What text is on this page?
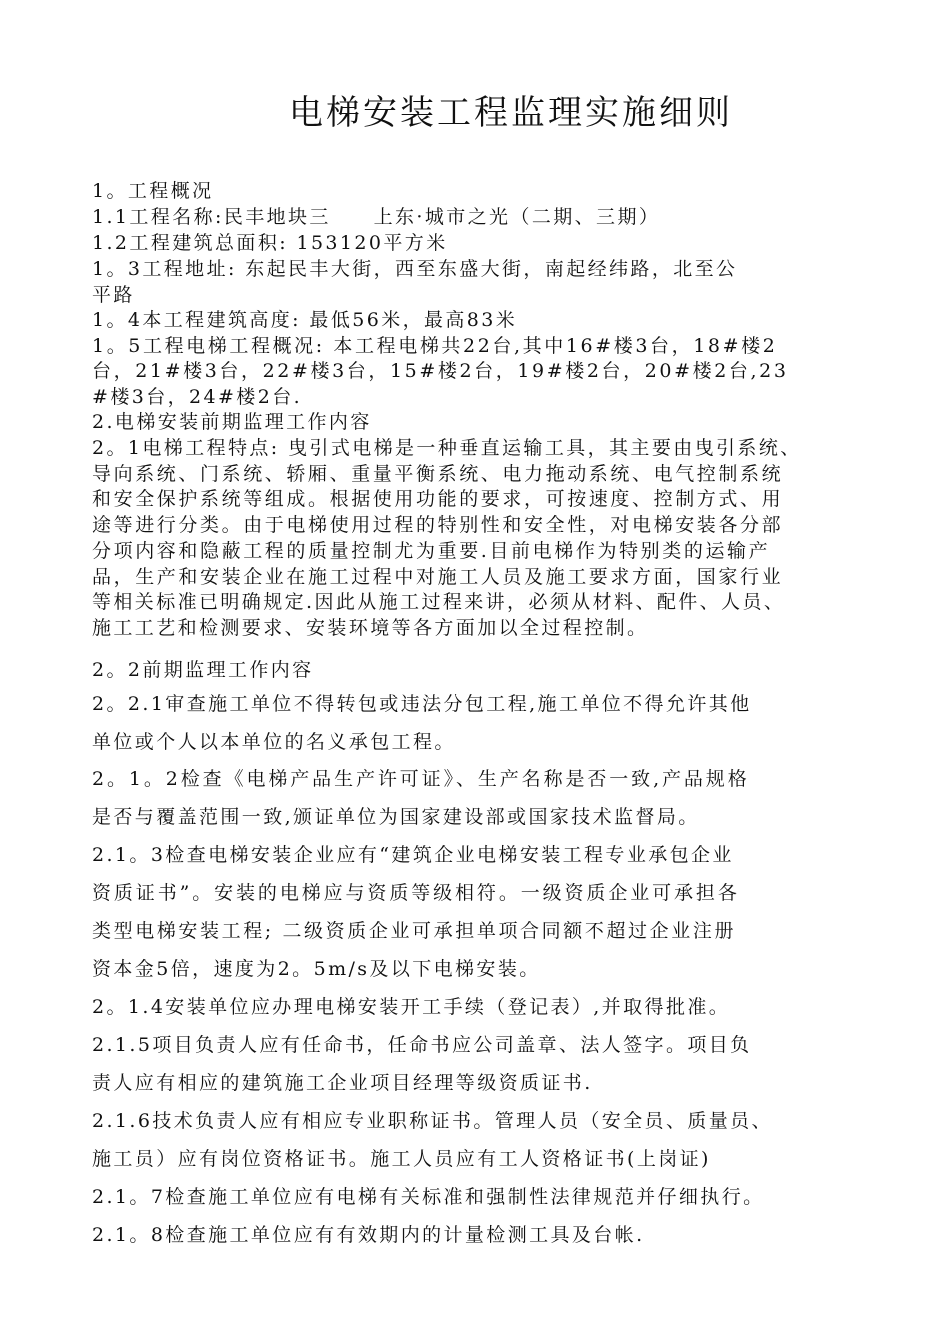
电梯安装工程监理实施细则
1。工程概况
1.1工程名称:民丰地块三　　上东·城市之光（二期、三期）
1.2工程建筑总面积: 153120平方米
1。3工程地址: 东起民丰大街，西至东盛大街，南起经纬路，北至公
平路
1。4本工程建筑高度: 最低56米，最高83米
1。5工程电梯工程概况: 本工程电梯共22台,其中16#楼3台，18#楼2
台，21#楼3台，22#楼3台，15#楼2台，19#楼2台，20#楼2台,23
#楼3台，24#楼2台.
2.电梯安装前期监理工作内容
2。1电梯工程特点: 曳引式电梯是一种垂直运输工具，其主要由曳引系统、
导向系统、门系统、轿厢、重量平衡系统、电力拖动系统、电气控制系统
和安全保护系统等组成。根据使用功能的要求，可按速度、控制方式、用
途等进行分类。由于电梯使用过程的特别性和安全性，对电梯安装各分部
分项内容和隐蔽工程的质量控制尤为重要.目前电梯作为特别类的运输产
品，生产和安装企业在施工过程中对施工人员及施工要求方面，国家行业
等相关标准已明确规定.因此从施工过程来讲，必须从材料、配件、人员、
施工工艺和检测要求、安装环境等各方面加以全过程控制。
2。2前期监理工作内容
2。2.1审查施工单位不得转包或违法分包工程,施工单位不得允许其他
单位或个人以本单位的名义承包工程。
2。1。2检查《电梯产品生产许可证》、生产名称是否一致,产品规格
是否与覆盖范围一致,颁证单位为国家建设部或国家技术监督局。
2.1。3检查电梯安装企业应有“建筑企业电梯安装工程专业承包企业
资质证书”。安装的电梯应与资质等级相符。一级资质企业可承担各
类型电梯安装工程; 二级资质企业可承担单项合同额不超过企业注册
资本金5倍，速度为2。5m/s及以下电梯安装。
2。1.4安装单位应办理电梯安装开工手续（登记表）,并取得批准。
2.1.5项目负责人应有任命书，任命书应公司盖章、法人签字。项目负
责人应有相应的建筑施工企业项目经理等级资质证书.
2.1.6技术负责人应有相应专业职称证书。管理人员（安全员、质量员、
施工员）应有岗位资格证书。施工人员应有工人资格证书(上岗证)
2.1。7检查施工单位应有电梯有关标准和强制性法律规范并仔细执行。
2.1。8检查施工单位应有有效期内的计量检测工具及台帐.
